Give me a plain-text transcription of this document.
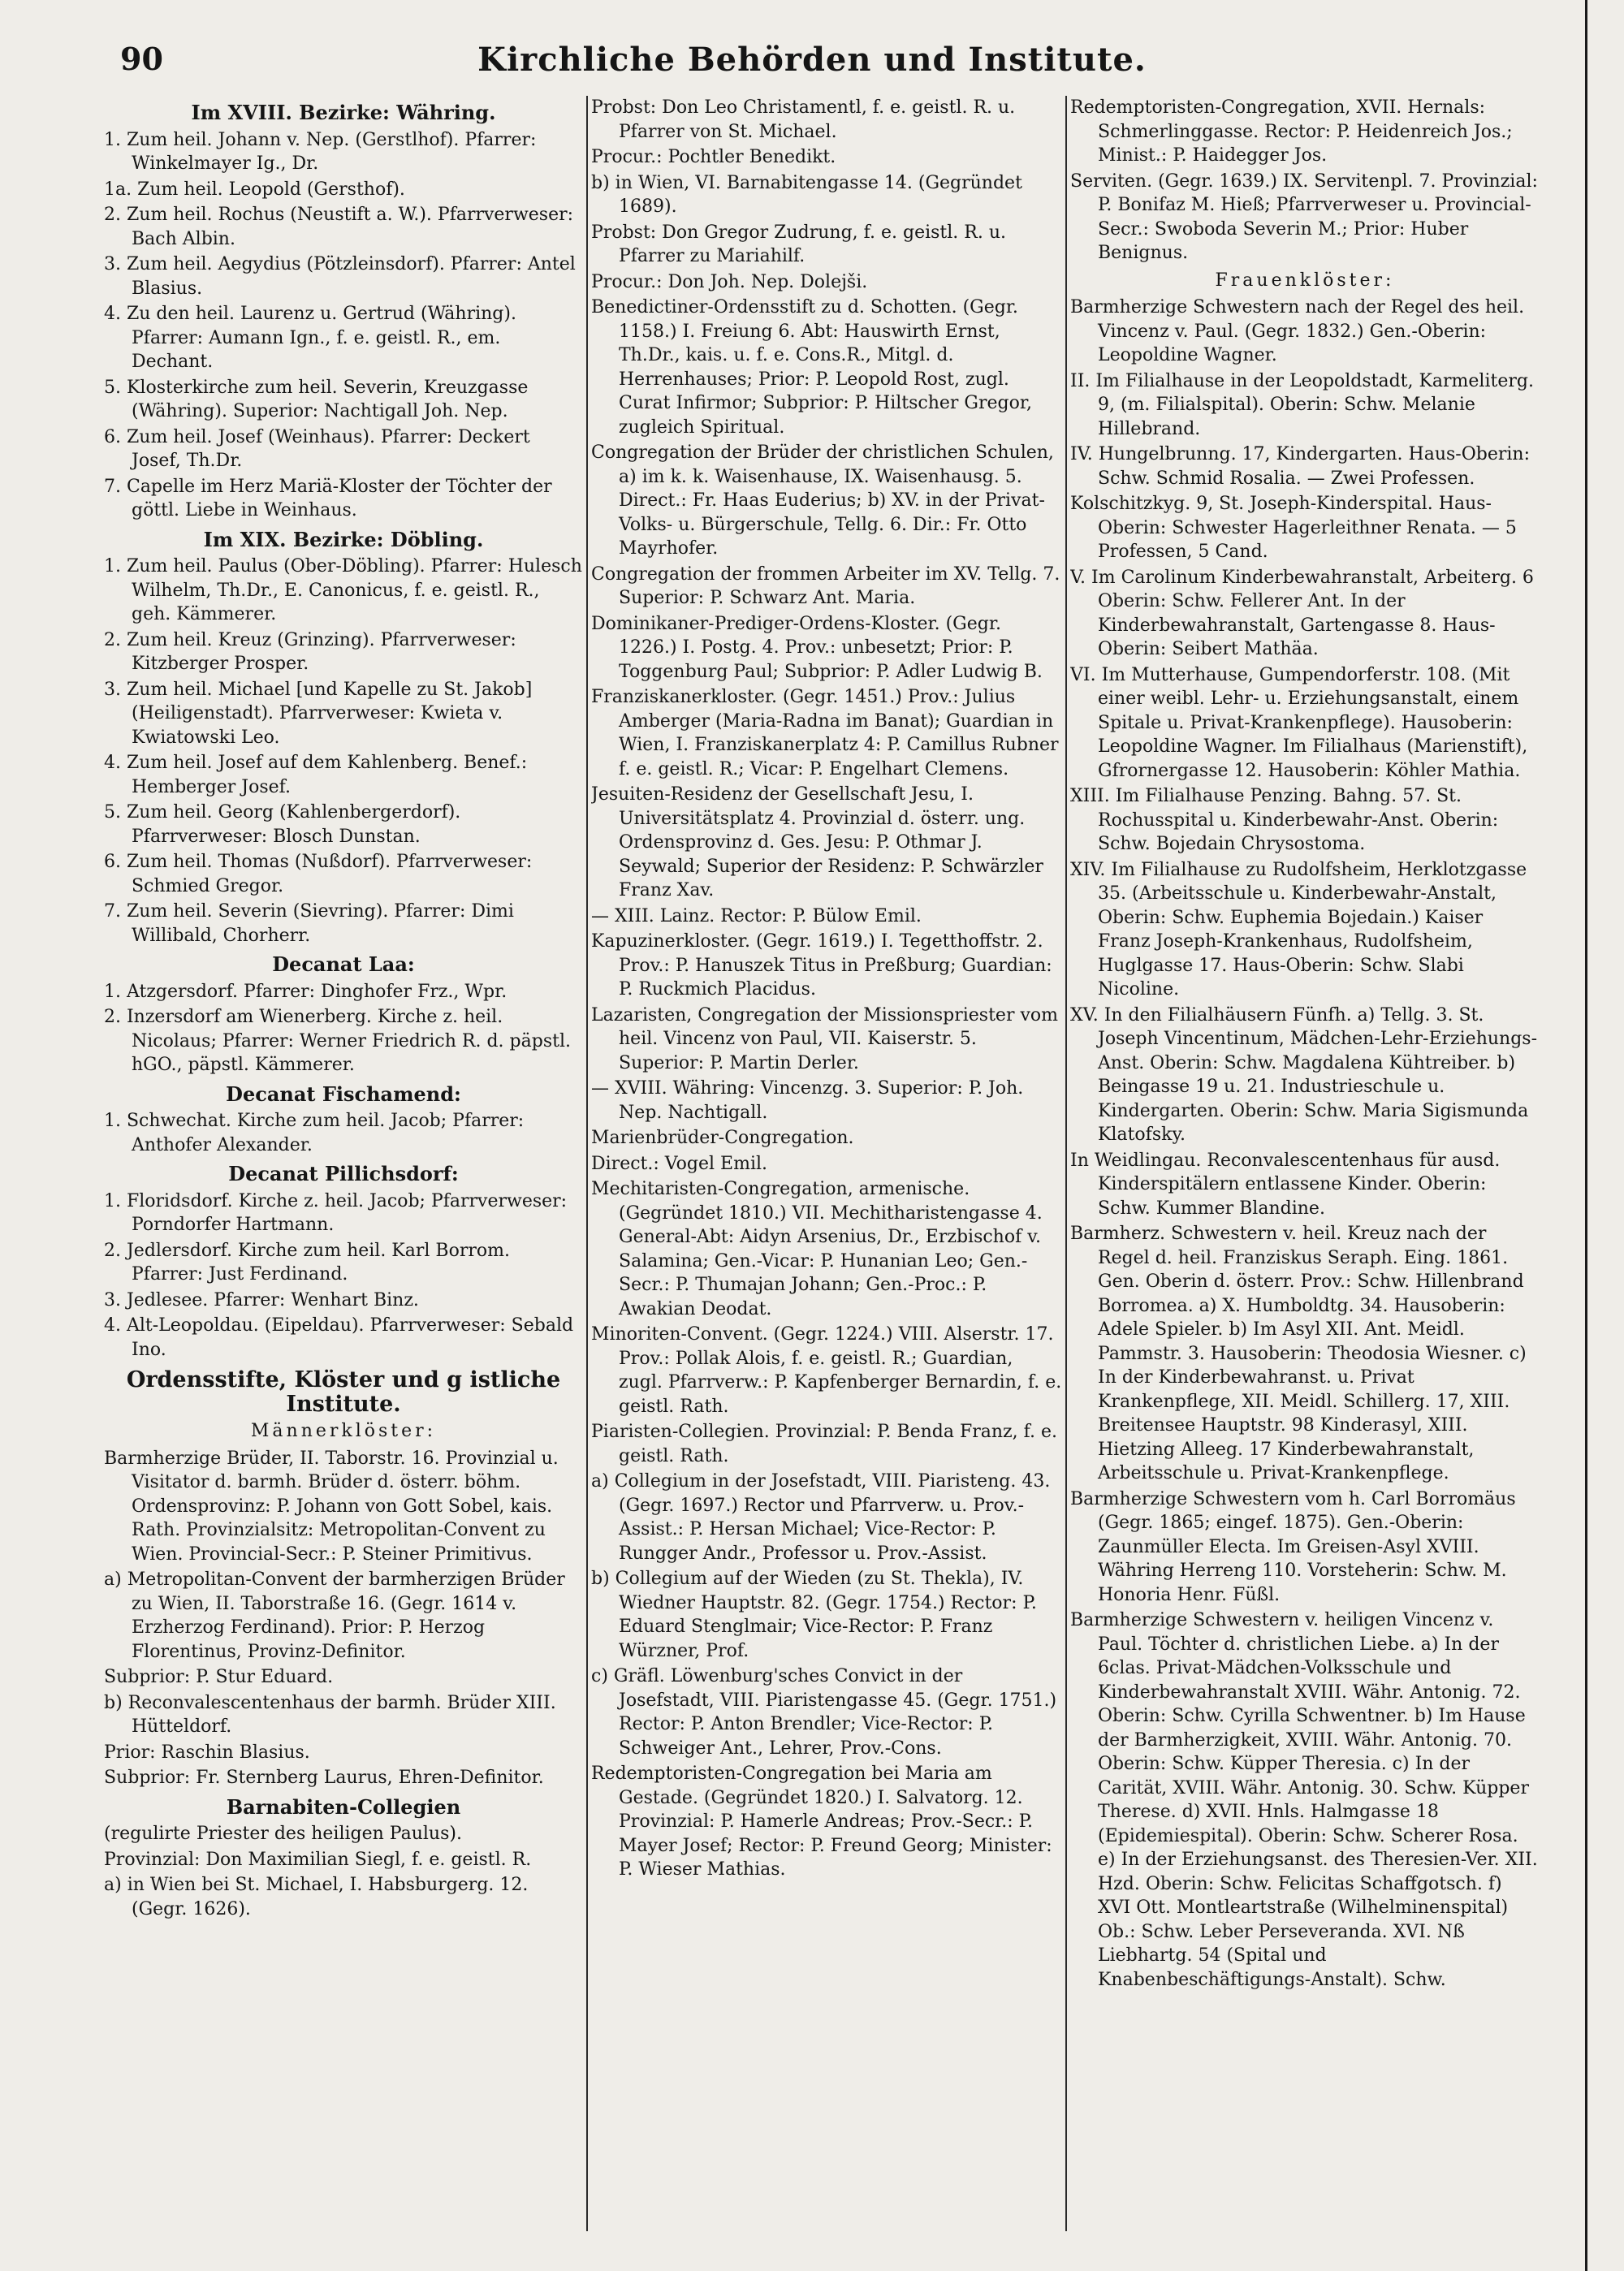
90	Kirchliche Behörden und Institute.
Im XVIII. Bezirke: Währing.
1. Zum heil. Johann v. Nep. (Gerstlhof). Pfarrer: Winkelmayer Ig., Dr.
1a. Zum heil. Leopold (Gersthof).
2. Zum heil. Rochus (Neustift a. W.). Pfarrverweser: Bach Albin.
3. Zum heil. Aegydius (Pötzleinsdorf). Pfarrer: Antel Blasius.
4. Zu den heil. Laurenz u. Gertrud (Währing). Pfarrer: Aumann Ign., f. e. geistl. R., em. Dechant.
5. Klosterkirche zum heil. Severin, Kreuzgasse (Währing). Superior: Nachtigall Joh. Nep.
6. Zum heil. Josef (Weinhaus). Pfarrer: Deckert Josef, Th.Dr.
7. Capelle im Herz Mariä-Kloster der Töchter der göttl. Liebe in Weinhaus.
Im XIX. Bezirke: Döbling.
1. Zum heil. Paulus (Ober-Döbling). Pfarrer: Hulesch Wilhelm, Th.Dr., E. Canonicus, f. e. geistl. R., geh. Kämmerer.
2. Zum heil. Kreuz (Grinzing). Pfarrverweser: Kitzberger Prosper.
3. Zum heil. Michael [und Kapelle zu St. Jakob] (Heiligenstadt). Pfarrverweser: Kwieta v. Kwiatowski Leo.
4. Zum heil. Josef auf dem Kahlenberg. Benef.: Hemberger Josef.
5. Zum heil. Georg (Kahlenbergerdorf). Pfarrverweser: Blosch Dunstan.
6. Zum heil. Thomas (Nußdorf). Pfarrverweser: Schmied Gregor.
7. Zum heil. Severin (Sievring). Pfarrer: Dimi Willibald, Chorherr.
Decanat Laa:
1. Atzgersdorf. Pfarrer: Dinghofer Frz., Wpr.
2. Inzersdorf am Wienerberg. Kirche z. heil. Nicolaus; Pfarrer: Werner Friedrich R. d. päpstl. hGO., päpstl. Kämmerer.
Decanat Fischamend:
1. Schwechat. Kirche zum heil. Jacob; Pfarrer: Anthofer Alexander.
Decanat Pillichsdorf:
1. Floridsdorf. Kirche z. heil. Jacob; Pfarrverweser: Porndorfer Hartmann.
2. Jedlersdorf. Kirche zum heil. Karl Borrom. Pfarrer: Just Ferdinand.
3. Jedlesee. Pfarrer: Wenhart Binz.
4. Alt-Leopoldau. (Eipeldau). Pfarrverweser: Sebald Ino.
Ordensstifte, Klöster und g istliche Institute.
Männerklöster:
Barmherzige Brüder, II. Taborstr. 16. Provinzial u. Visitator d. barmh. Brüder d. österr. böhm. Ordensprovinz: P. Johann von Gott Sobel, kais. Rath. Provinzialsitz: Metropolitan-Convent zu Wien. Provincial-Secr.: P. Steiner Primitivus.
a) Metropolitan-Convent der barmherzigen Brüder zu Wien, II. Taborstraße 16. (Gegr. 1614 v. Erzherzog Ferdinand). Prior: P. Herzog Florentinus, Provinz-Definitor.
Subprior: P. Stur Eduard.
b) Reconvalescentenhaus der barmh. Brüder XIII. Hütteldorf.
Prior: Raschin Blasius.
Subprior: Fr. Sternberg Laurus, Ehren-Definitor.
Barnabiten-Collegien
(regulirte Priester des heiligen Paulus).
Provinzial: Don Maximilian Siegl, f. e. geistl. R.
a) in Wien bei St. Michael, I. Habsburgerg. 12. (Gegr. 1626).
Probst: Don Leo Christamentl, f. e. geistl. R. u. Pfarrer von St. Michael.
Procur.: Pochtler Benedikt.
b) in Wien, VI. Barnabitengasse 14. (Gegründet 1689).
Probst: Don Gregor Zudrung, f. e. geistl. R. u. Pfarrer zu Mariahilf.
Procur.: Don Joh. Nep. Dolejši.
Benedictiner-Ordensstift zu d. Schotten. (Gegr. 1158.) I. Freiung 6. Abt: Hauswirth Ernst, Th.Dr., kais. u. f. e. Cons.R., Mitgl. d. Herrenhauses; Prior: P. Leopold Rost, zugl. Curat Infirmor; Subprior: P. Hiltscher Gregor, zugleich Spiritual.
Congregation der Brüder der christlichen Schulen, a) im k. k. Waisenhause, IX. Waisenhausg. 5. Direct.: Fr. Haas Euderius; b) XV. in der Privat-Volks- u. Bürgerschule, Tellg. 6. Dir.: Fr. Otto Mayrhofer.
Congregation der frommen Arbeiter im XV. Tellg. 7. Superior: P. Schwarz Ant. Maria.
Dominikaner-Prediger-Ordens-Kloster. (Gegr. 1226.) I. Postg. 4. Prov.: unbesetzt; Prior: P. Toggenburg Paul; Subprior: P. Adler Ludwig B.
Franziskanerkloster. (Gegr. 1451.) Prov.: Julius Amberger (Maria-Radna im Banat); Guardian in Wien, I. Franziskanerplatz 4: P. Camillus Rubner f. e. geistl. R.; Vicar: P. Engelhart Clemens.
Jesuiten-Residenz der Gesellschaft Jesu, I. Universitätsplatz 4. Provinzial d. österr. ung. Ordensprovinz d. Ges. Jesu: P. Othmar J. Seywald; Superior der Residenz: P. Schwärzler Franz Xav.
— XIII. Lainz. Rector: P. Bülow Emil.
Kapuzinerkloster. (Gegr. 1619.) I. Tegetthoffstr. 2. Prov.: P. Hanuszek Titus in Preßburg; Guardian: P. Ruckmich Placidus.
Lazaristen, Congregation der Missionspriester vom heil. Vincenz von Paul, VII. Kaiserstr. 5. Superior: P. Martin Derler.
— XVIII. Währing: Vincenzg. 3. Superior: P. Joh. Nep. Nachtigall.
Marienbrüder-Congregation.
Direct.: Vogel Emil.
Mechitaristen-Congregation, armenische. (Gegründet 1810.) VII. Mechitharistengasse 4. General-Abt: Aidyn Arsenius, Dr., Erzbischof v. Salamina; Gen.-Vicar: P. Hunanian Leo; Gen.-Secr.: P. Thumajan Johann; Gen.-Proc.: P. Awakian Deodat.
Minoriten-Convent. (Gegr. 1224.) VIII. Alserstr. 17. Prov.: Pollak Alois, f. e. geistl. R.; Guardian, zugl. Pfarrverw.: P. Kapfenberger Bernardin, f. e. geistl. Rath.
Piaristen-Collegien. Provinzial: P. Benda Franz, f. e. geistl. Rath.
a) Collegium in der Josefstadt, VIII. Piaristeng. 43. (Gegr. 1697.) Rector und Pfarrverw. u. Prov.-Assist.: P. Hersan Michael; Vice-Rector: P. Rungger Andr., Professor u. Prov.-Assist.
b) Collegium auf der Wieden (zu St. Thekla), IV. Wiedner Hauptstr. 82. (Gegr. 1754.) Rector: P. Eduard Stenglmair; Vice-Rector: P. Franz Würzner, Prof.
c) Gräfl. Löwenburg'sches Convict in der Josefstadt, VIII. Piaristengasse 45. (Gegr. 1751.) Rector: P. Anton Brendler; Vice-Rector: P. Schweiger Ant., Lehrer, Prov.-Cons.
Redemptoristen-Congregation bei Maria am Gestade. (Gegründet 1820.) I. Salvatorg. 12. Provinzial: P. Hamerle Andreas; Prov.-Secr.: P. Mayer Josef; Rector: P. Freund Georg; Minister: P. Wieser Mathias.
Redemptoristen-Congregation, XVII. Hernals: Schmerlinggasse. Rector: P. Heidenreich Jos.; Minist.: P. Haidegger Jos.
Serviten. (Gegr. 1639.) IX. Servitenpl. 7. Provinzial: P. Bonifaz M. Hieß; Pfarrverweser u. Provincial-Secr.: Swoboda Severin M.; Prior: Huber Benignus.
Frauenklöster:
Barmherzige Schwestern nach der Regel des heil. Vincenz v. Paul. (Gegr. 1832.) Gen.-Oberin: Leopoldine Wagner.
II. Im Filialhause in der Leopoldstadt, Karmeliterg. 9, (m. Filialspital). Oberin: Schw. Melanie Hillebrand.
IV. Hungelbrunng. 17, Kindergarten. Haus-Oberin: Schw. Schmid Rosalia. — Zwei Professen.
Kolschitzkyg. 9, St. Joseph-Kinderspital. Haus-Oberin: Schwester Hagerleithner Renata. — 5 Professen, 5 Cand.
V. Im Carolinum Kinderbewahranstalt, Arbeiterg. 6 Oberin: Schw. Fellerer Ant. In der Kinderbewahranstalt, Gartengasse 8. Haus-Oberin: Seibert Mathäa.
VI. Im Mutterhause, Gumpendorferstr. 108. (Mit einer weibl. Lehr- u. Erziehungsanstalt, einem Spitale u. Privat-Krankenpflege). Hausoberin: Leopoldine Wagner. Im Filialhaus (Marienstift), Gfrornergasse 12. Hausoberin: Köhler Mathia.
XIII. Im Filialhause Penzing. Bahng. 57. St. Rochusspital u. Kinderbewahr-Anst. Oberin: Schw. Bojedain Chrysostoma.
XIV. Im Filialhause zu Rudolfsheim, Herklotzgasse 35. (Arbeitsschule u. Kinderbewahr-Anstalt, Oberin: Schw. Euphemia Bojedain.) Kaiser Franz Joseph-Krankenhaus, Rudolfsheim, Huglgasse 17. Haus-Oberin: Schw. Slabi Nicoline.
XV. In den Filialhäusern Fünfh. a) Tellg. 3. St. Joseph Vincentinum, Mädchen-Lehr-Erziehungs-Anst. Oberin: Schw. Magdalena Kühtreiber. b) Beingasse 19 u. 21. Industrieschule u. Kindergarten. Oberin: Schw. Maria Sigismunda Klatofsky.
In Weidlingau. Reconvalescentenhaus für ausd. Kinderspitälern entlassene Kinder. Oberin: Schw. Kummer Blandine.
Barmherz. Schwestern v. heil. Kreuz nach der Regel d. heil. Franziskus Seraph. Eing. 1861. Gen. Oberin d. österr. Prov.: Schw. Hillenbrand Borromea. a) X. Humboldtg. 34. Hausoberin: Adele Spieler. b) Im Asyl XII. Ant. Meidl. Pammstr. 3. Hausoberin: Theodosia Wiesner. c) In der Kinderbewahranst. u. Privat Krankenpflege, XII. Meidl. Schillerg. 17, XIII. Breitensee Hauptstr. 98 Kinderasyl, XIII. Hietzing Alleeg. 17 Kinderbewahranstalt, Arbeitsschule u. Privat-Krankenpflege.
Barmherzige Schwestern vom h. Carl Borromäus (Gegr. 1865; eingef. 1875). Gen.-Oberin: Zaunmüller Electa. Im Greisen-Asyl XVIII. Währing Herreng 110. Vorsteherin: Schw. M. Honoria Henr. Füßl.
Barmherzige Schwestern v. heiligen Vincenz v. Paul. Töchter d. christlichen Liebe. a) In der 6clas. Privat-Mädchen-Volksschule und Kinderbewahranstalt XVIII. Währ. Antonig. 72. Oberin: Schw. Cyrilla Schwentner. b) Im Hause der Barmherzigkeit, XVIII. Währ. Antonig. 70. Oberin: Schw. Küpper Theresia. c) In der Carität, XVIII. Währ. Antonig. 30. Schw. Küpper Therese. d) XVII. Hnls. Halmgasse 18 (Epidemiespital). Oberin: Schw. Scherer Rosa. e) In der Erziehungsanst. des Theresien-Ver. XII. Hzd. Oberin: Schw. Felicitas Schaffgotsch. f) XVI Ott. Montleartstraße (Wilhelminenspital) Ob.: Schw. Leber Perseveranda. XVI. Nß Liebhartg. 54 (Spital und Knabenbeschäftigungs-Anstalt). Schw.
